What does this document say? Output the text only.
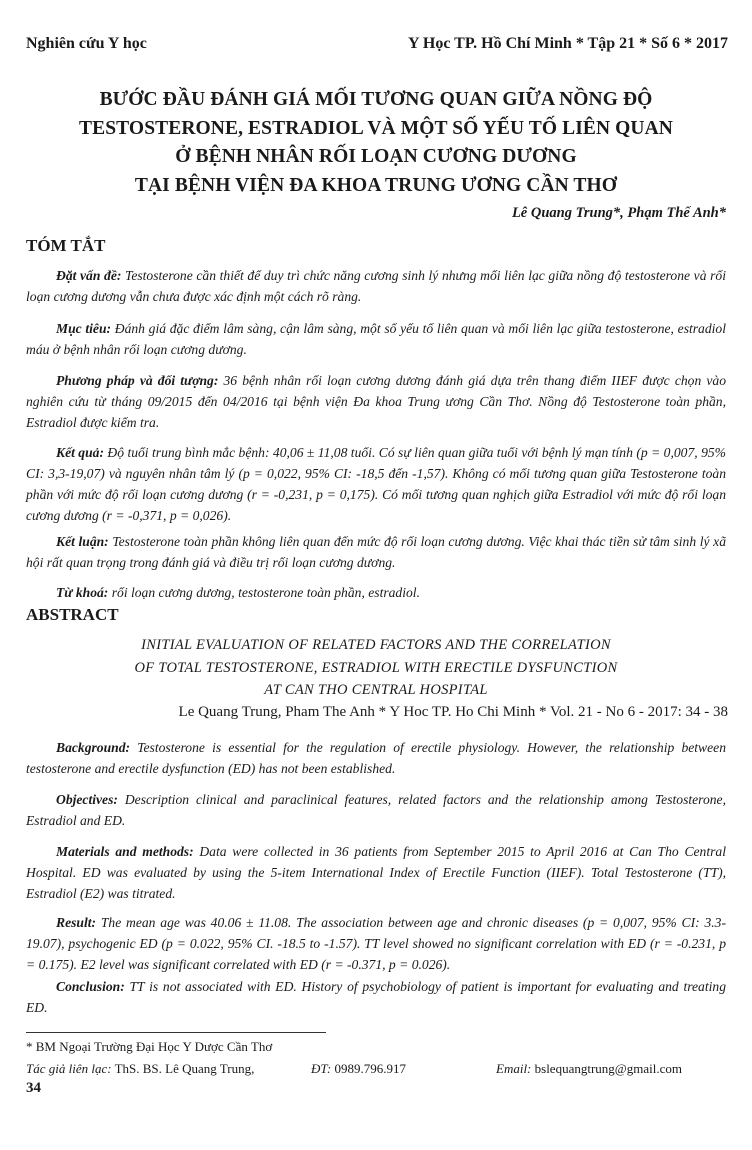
Nghiên cứu Y học	Y Học TP. Hồ Chí Minh * Tập 21 * Số 6 * 2017
BƯỚC ĐẦU ĐÁNH GIÁ MỐI TƯƠNG QUAN GIỮA NỒNG ĐỘ
TESTOSTERONE, ESTRADIOL VÀ MỘT SỐ YẾU TỐ LIÊN QUAN
Ở BỆNH NHÂN RỐI LOẠN CƯƠNG DƯƠNG
TẠI BỆNH VIỆN ĐA KHOA TRUNG ƯƠNG CẦN THƠ
Lê Quang Trung*, Phạm Thế Anh*
TÓM TẮT
Đặt vấn đề: Testosterone cần thiết để duy trì chức năng cương sinh lý nhưng mối liên lạc giữa nồng độ testosterone và rối loạn cương dương vẫn chưa được xác định một cách rõ ràng.
Mục tiêu: Đánh giá đặc điểm lâm sàng, cận lâm sàng, một số yếu tố liên quan và mối liên lạc giữa testosterone, estradiol máu ở bệnh nhân rối loạn cương dương.
Phương pháp và đối tượng: 36 bệnh nhân rối loạn cương dương đánh giá dựa trên thang điểm IIEF được chọn vào nghiên cứu từ tháng 09/2015 đến 04/2016 tại bệnh viện Đa khoa Trung ương Cần Thơ. Nồng độ Testosterone toàn phần, Estradiol được kiểm tra.
Kết quả: Độ tuổi trung bình mắc bệnh: 40,06 ± 11,08 tuổi. Có sự liên quan giữa tuổi với bệnh lý mạn tính (p = 0,007, 95% CI: 3,3-19,07) và nguyên nhân tâm lý (p = 0,022, 95% CI: -18,5 đến -1,57). Không có mối tương quan giữa Testosterone toàn phần với mức độ rối loạn cương dương (r = -0,231, p = 0,175). Có mối tương quan nghịch giữa Estradiol với mức độ rối loạn cương dương (r = -0,371, p = 0,026).
Kết luận: Testosterone toàn phần không liên quan đến mức độ rối loạn cương dương. Việc khai thác tiền sử tâm sinh lý xã hội rất quan trọng trong đánh giá và điều trị rối loạn cương dương.
Từ khoá: rối loạn cương dương, testosterone toàn phần, estradiol.
ABSTRACT
INITIAL EVALUATION OF RELATED FACTORS AND THE CORRELATION
OF TOTAL TESTOSTERONE, ESTRADIOL WITH ERECTILE DYSFUNCTION
AT CAN THO CENTRAL HOSPITAL
Le Quang Trung, Pham The Anh * Y Hoc TP. Ho Chi Minh * Vol. 21 - No 6 - 2017: 34 - 38
Background: Testosterone is essential for the regulation of erectile physiology. However, the relationship between testosterone and erectile dysfunction (ED) has not been established.
Objectives: Description clinical and paraclinical features, related factors and the relationship among Testosterone, Estradiol and ED.
Materials and methods: Data were collected in 36 patients from September 2015 to April 2016 at Can Tho Central Hospital. ED was evaluated by using the 5-item International Index of Erectile Function (IIEF). Total Testosterone (TT), Estradiol (E2) was titrated.
Result: The mean age was 40.06 ± 11.08. The association between age and chronic diseases (p = 0,007, 95% CI: 3.3-19.07), psychogenic ED (p = 0.022, 95% CI. -18.5 to -1.57). TT level showed no significant correlation with ED (r = -0.231, p = 0.175). E2 level was significant correlated with ED (r = -0.371, p = 0.026).
Conclusion: TT is not associated with ED. History of psychobiology of patient is important for evaluating and treating ED.
* BM Ngoại Trường Đại Học Y Dược Cần Thơ
Tác giả liên lạc: ThS. BS. Lê Quang Trung,	ĐT: 0989.796.917	Email: bslequangtrung@gmail.com
34
